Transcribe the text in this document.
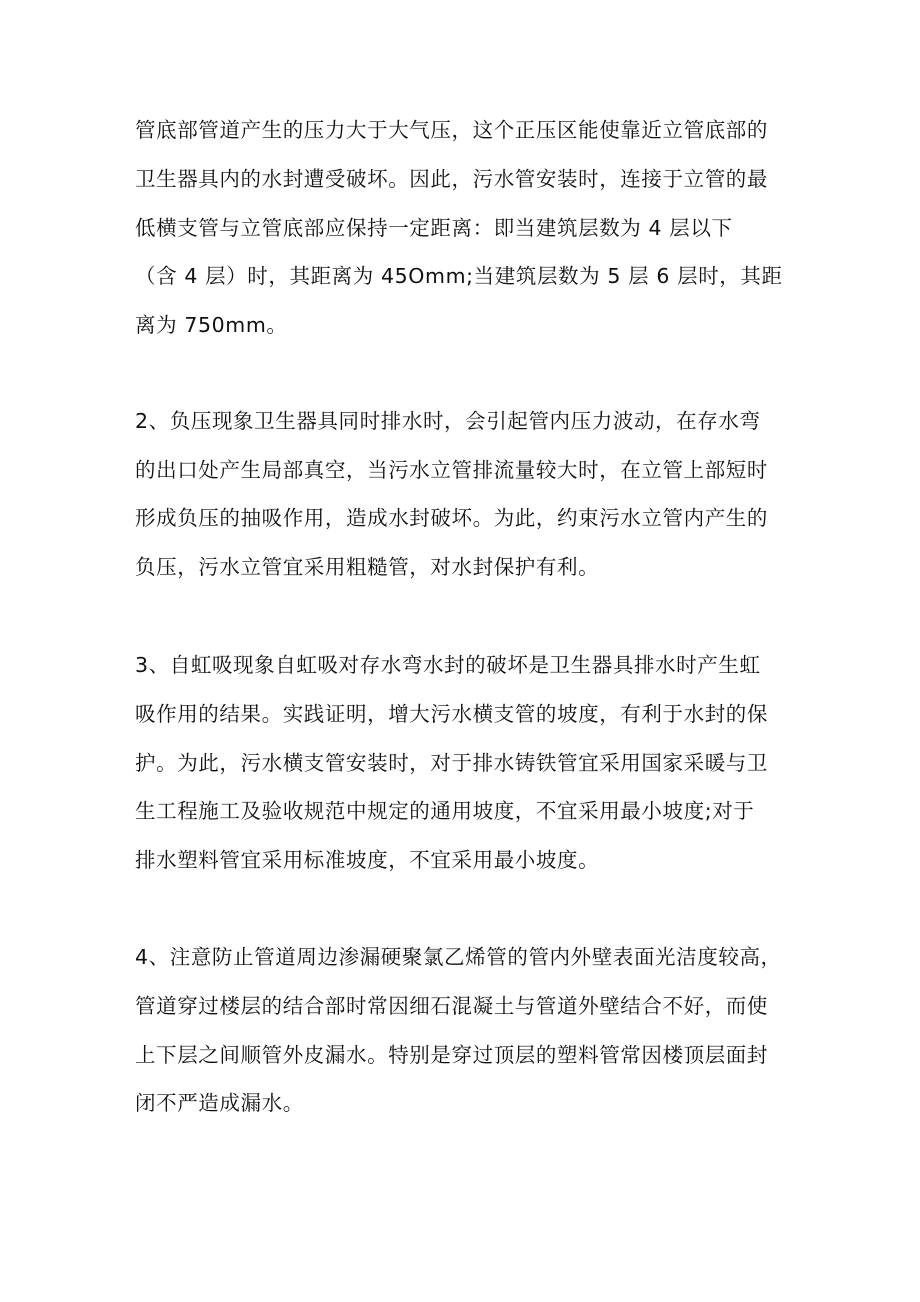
管底部管道产生的压力大于大气压，这个正压区能使靠近立管底部的
卫生器具内的水封遭受破坏。因此，污水管安装时，连接于立管的最
低横支管与立管底部应保持一定距离：即当建筑层数为 4 层以下
（含 4 层）时，其距离为 45Omm;当建筑层数为 5 层 6 层时，其距
离为 750mm。
2、负压现象卫生器具同时排水时，会引起管内压力波动，在存水弯
的出口处产生局部真空，当污水立管排流量较大时，在立管上部短时
形成负压的抽吸作用，造成水封破坏。为此，约束污水立管内产生的
负压，污水立管宜采用粗糙管，对水封保护有利。
3、自虹吸现象自虹吸对存水弯水封的破坏是卫生器具排水时产生虹
吸作用的结果。实践证明，增大污水横支管的坡度，有利于水封的保
护。为此，污水横支管安装时，对于排水铸铁管宜采用国家采暖与卫
生工程施工及验收规范中规定的通用坡度，不宜采用最小坡度;对于
排水塑料管宜采用标准坡度，不宜采用最小坡度。
4、注意防止管道周边渗漏硬聚氯乙烯管的管内外壁表面光洁度较高，
管道穿过楼层的结合部时常因细石混凝土与管道外壁结合不好，而使
上下层之间顺管外皮漏水。特别是穿过顶层的塑料管常因楼顶层面封
闭不严造成漏水。
